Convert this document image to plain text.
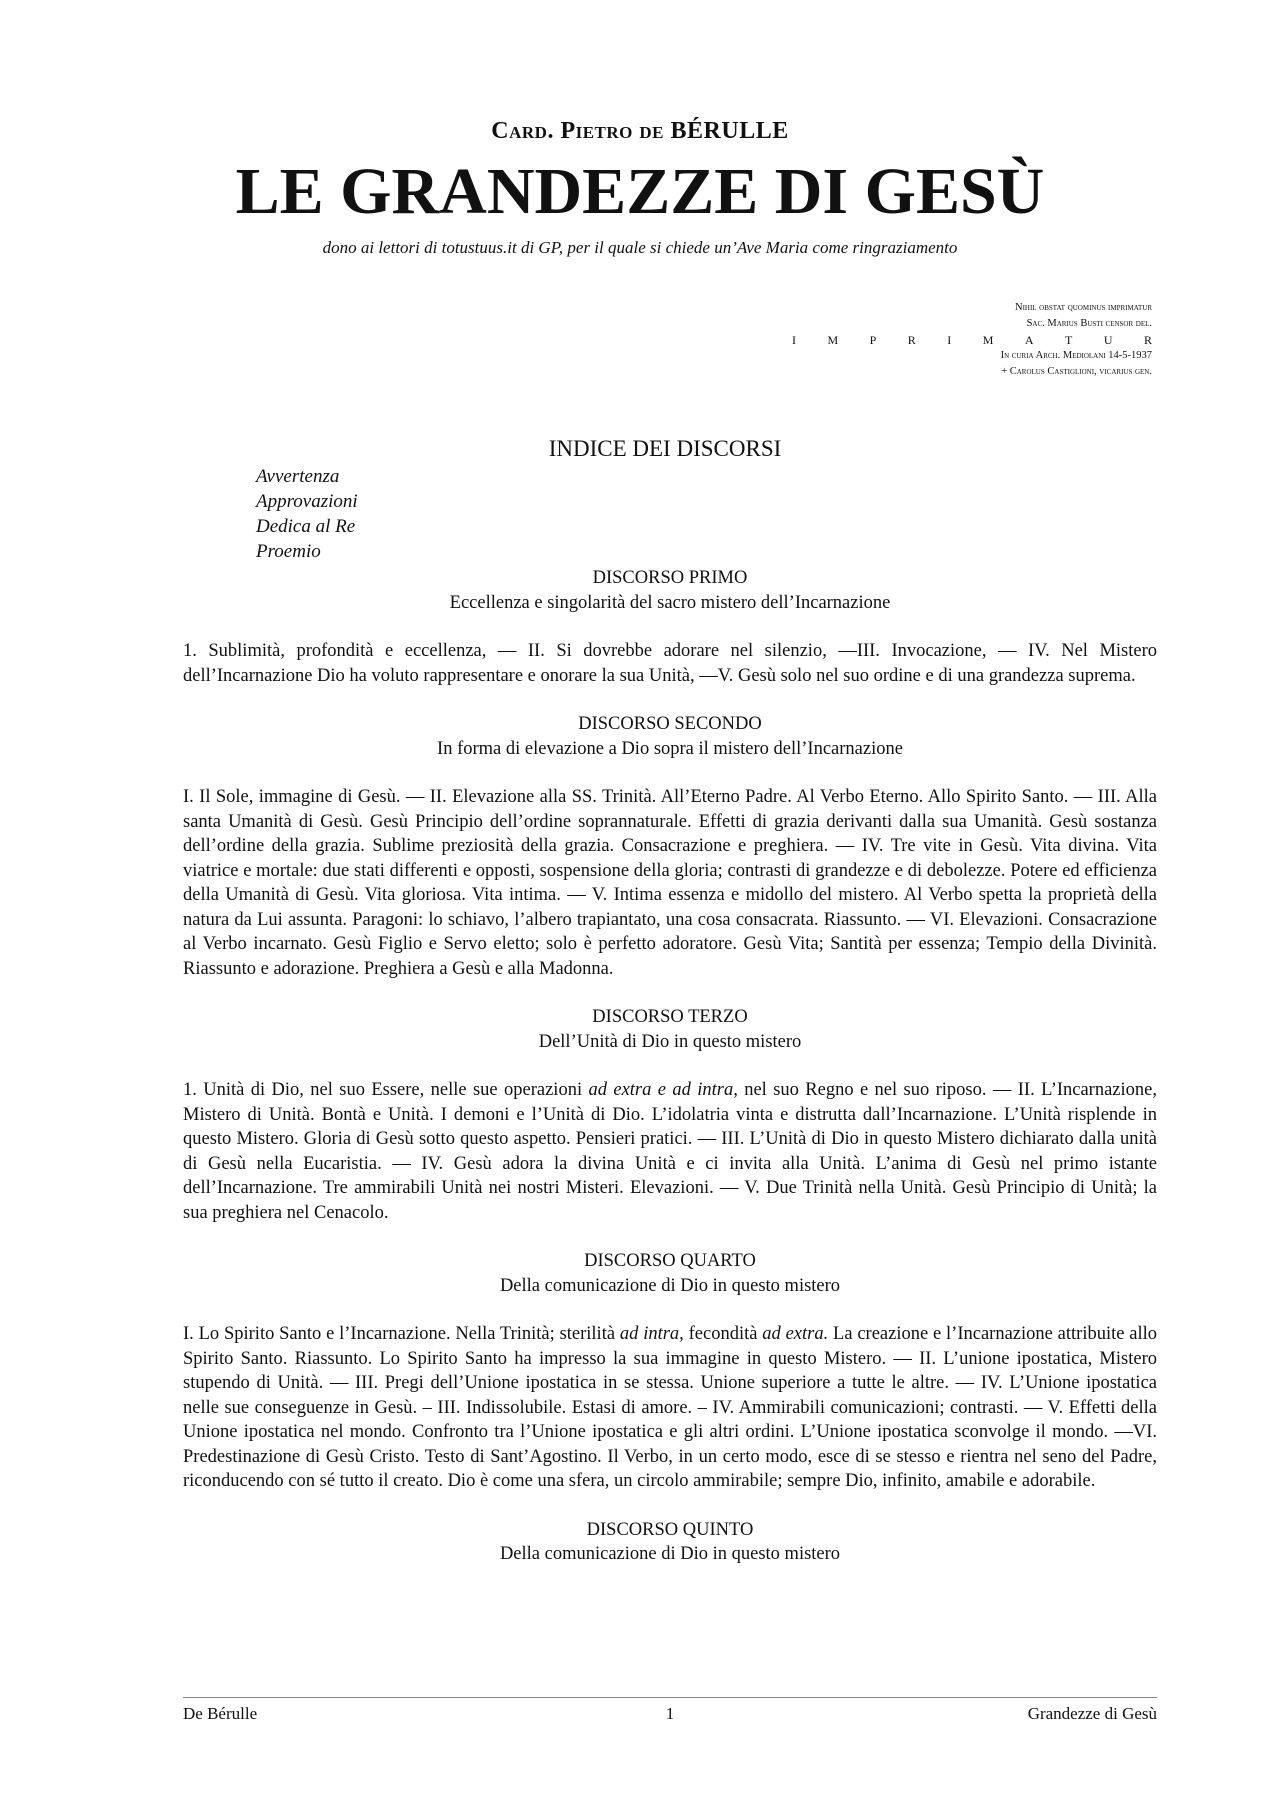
Card. Pietro de BÉRULLE
LE GRANDEZZE DI GESÙ
dono ai lettori di totustuus.it di GP, per il quale si chiede un’Ave Maria come ringraziamento
Nihil obstat quominus imprimatur
Sac. Marius Busti censor del.
I	M	P	R	I	M	A	T	U	R
In curia Arch. Mediolani 14-5-1937
+ Carolus Castiglioni, vicarius gen.
INDICE DEI DISCORSI
Avvertenza
Approvazioni
Dedica al Re
Proemio
DISCORSO PRIMO
Eccellenza e singolarità del sacro mistero dell’Incarnazione
1. Sublimità, profondità e eccellenza, — II. Si dovrebbe adorare nel silenzio, —III. Invocazione, — IV. Nel Mistero dell’Incarnazione Dio ha voluto rappresentare e onorare la sua Unità, —V. Gesù solo nel suo ordine e di una grandezza suprema.
DISCORSO SECONDO
In forma di elevazione a Dio sopra il mistero dell’Incarnazione
I. Il Sole, immagine di Gesù. — II. Elevazione alla SS. Trinità. All’Eterno Padre. Al Verbo Eterno. Allo Spirito Santo. — III. Alla santa Umanità di Gesù. Gesù Principio dell’ordine soprannaturale. Effetti di grazia derivanti dalla sua Umanità. Gesù sostanza dell’ordine della grazia. Sublime preziosità della grazia. Consacrazione e preghiera. — IV. Tre vite in Gesù. Vita divina. Vita viatrice e mortale: due stati differenti e opposti, sospensione della gloria; contrasti di grandezze e di debolezze. Potere ed efficienza della Umanità di Gesù. Vita gloriosa. Vita intima. — V. Intima essenza e midollo del mistero. Al Verbo spetta la proprietà della natura da Lui assunta. Paragoni: lo schiavo, l’albero trapiantato, una cosa consacrata. Riassunto. — VI. Elevazioni. Consacrazione al Verbo incarnato. Gesù Figlio e Servo eletto; solo è perfetto adoratore. Gesù Vita; Santità per essenza; Tempio della Divinità. Riassunto e adorazione. Preghiera a Gesù e alla Madonna.
DISCORSO TERZO
Dell’Unità di Dio in questo mistero
1. Unità di Dio, nel suo Essere, nelle sue operazioni ad extra e ad intra, nel suo Regno e nel suo riposo. — II. L’Incarnazione, Mistero di Unità. Bontà e Unità. I demoni e l’Unità di Dio. L’idolatria vinta e distrutta dall’Incarnazione. L’Unità risplende in questo Mistero. Gloria di Gesù sotto questo aspetto. Pensieri pratici. — III. L’Unità di Dio in questo Mistero dichiarato dalla unità di Gesù nella Eucaristia. — IV. Gesù adora la divina Unità e ci invita alla Unità. L’anima di Gesù nel primo istante dell’Incarnazione. Tre ammirabili Unità nei nostri Misteri. Elevazioni. — V. Due Trinità nella Unità. Gesù Principio di Unità; la sua preghiera nel Cenacolo.
DISCORSO QUARTO
Della comunicazione di Dio in questo mistero
I. Lo Spirito Santo e l’Incarnazione. Nella Trinità; sterilità ad intra, fecondità ad extra. La creazione e l’Incarnazione attribuite allo Spirito Santo. Riassunto. Lo Spirito Santo ha impresso la sua immagine in questo Mistero. — II. L’unione ipostatica, Mistero stupendo di Unità. — III. Pregi dell’Unione ipostatica in se stessa. Unione superiore a tutte le altre. — IV. L’Unione ipostatica nelle sue conseguenze in Gesù. – III. Indissolubile. Estasi di amore. – IV. Ammirabili comunicazioni; contrasti. — V. Effetti della Unione ipostatica nel mondo. Confronto tra l’Unione ipostatica e gli altri ordini. L’Unione ipostatica sconvolge il mondo. —VI. Predestinazione di Gesù Cristo. Testo di Sant’Agostino. Il Verbo, in un certo modo, esce di se stesso e rientra nel seno del Padre, riconducendo con sé tutto il creato. Dio è come una sfera, un circolo ammirabile; sempre Dio, infinito, amabile e adorabile.
DISCORSO QUINTO
Della comunicazione di Dio in questo mistero
De Bérulle	1	Grandezze di Gesù
